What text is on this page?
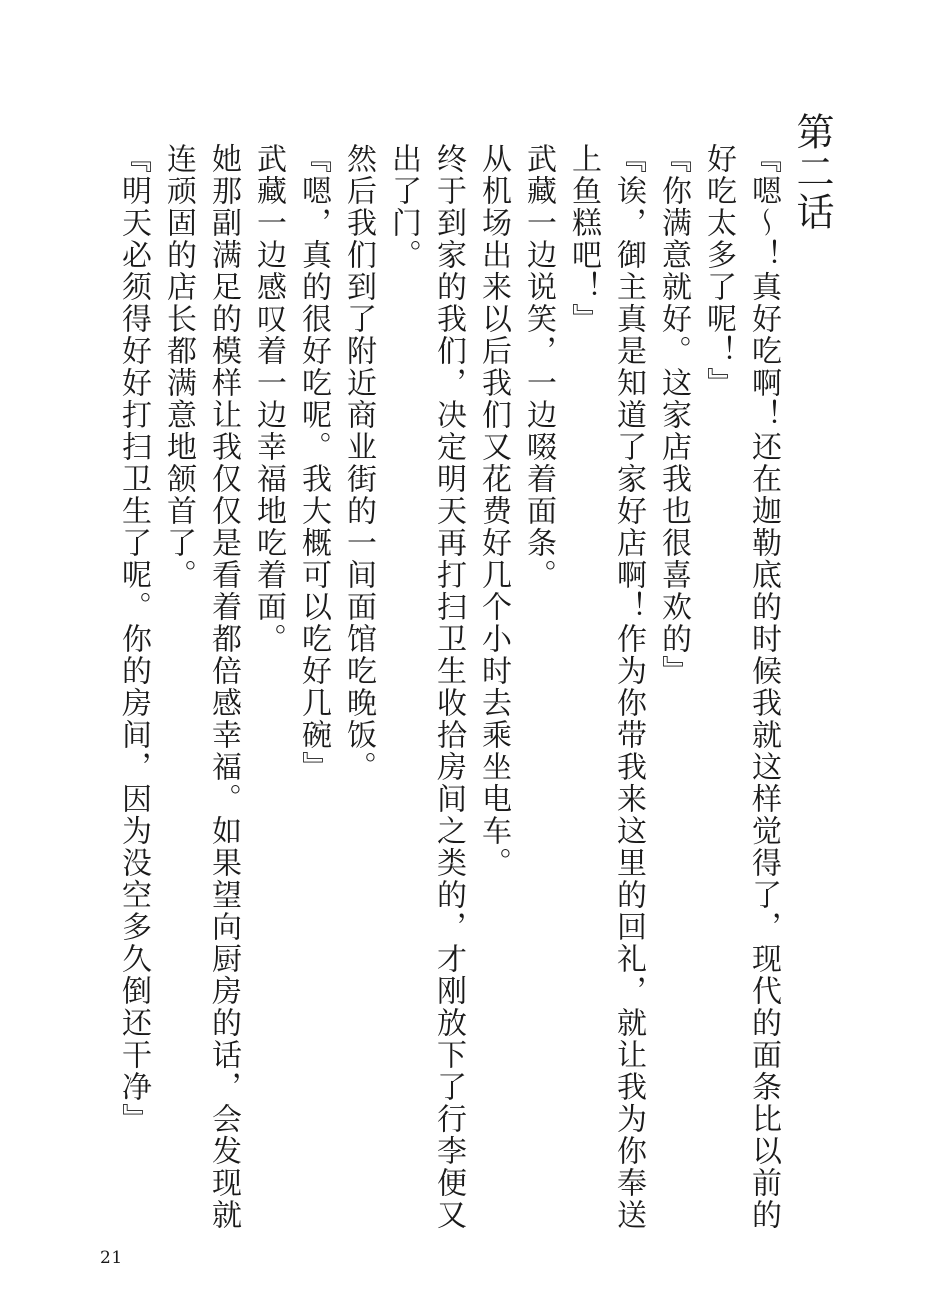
第二话

『嗯～！真好吃啊！还在迦勒底的时候我就这样觉得了，现代的面条比以前的好吃太多了呢！』

『你满意就好。这家店我也很喜欢的』

『诶，御主真是知道了家好店啊！作为你带我来这里的回礼，就让我为你奉送上鱼糕吧！』

武藏一边说笑，一边啜着面条。

从机场出来以后我们又花费好几个小时去乘坐电车。

终于到家的我们，决定明天再打扫卫生收拾房间之类的，才刚放下了行李便又出了门。

然后我们到了附近商业街的一间面馆吃晚饭。

『嗯，真的很好吃呢。我大概可以吃好几碗』

武藏一边感叹着一边幸福地吃着面。

她那副满足的模样让我仅仅是看着都倍感幸福。如果望向厨房的话，会发现就连顽固的店长都满意地颔首了。

『明天必须得好好打扫卫生了呢。你的房间，因为没空多久倒还干净』

21
